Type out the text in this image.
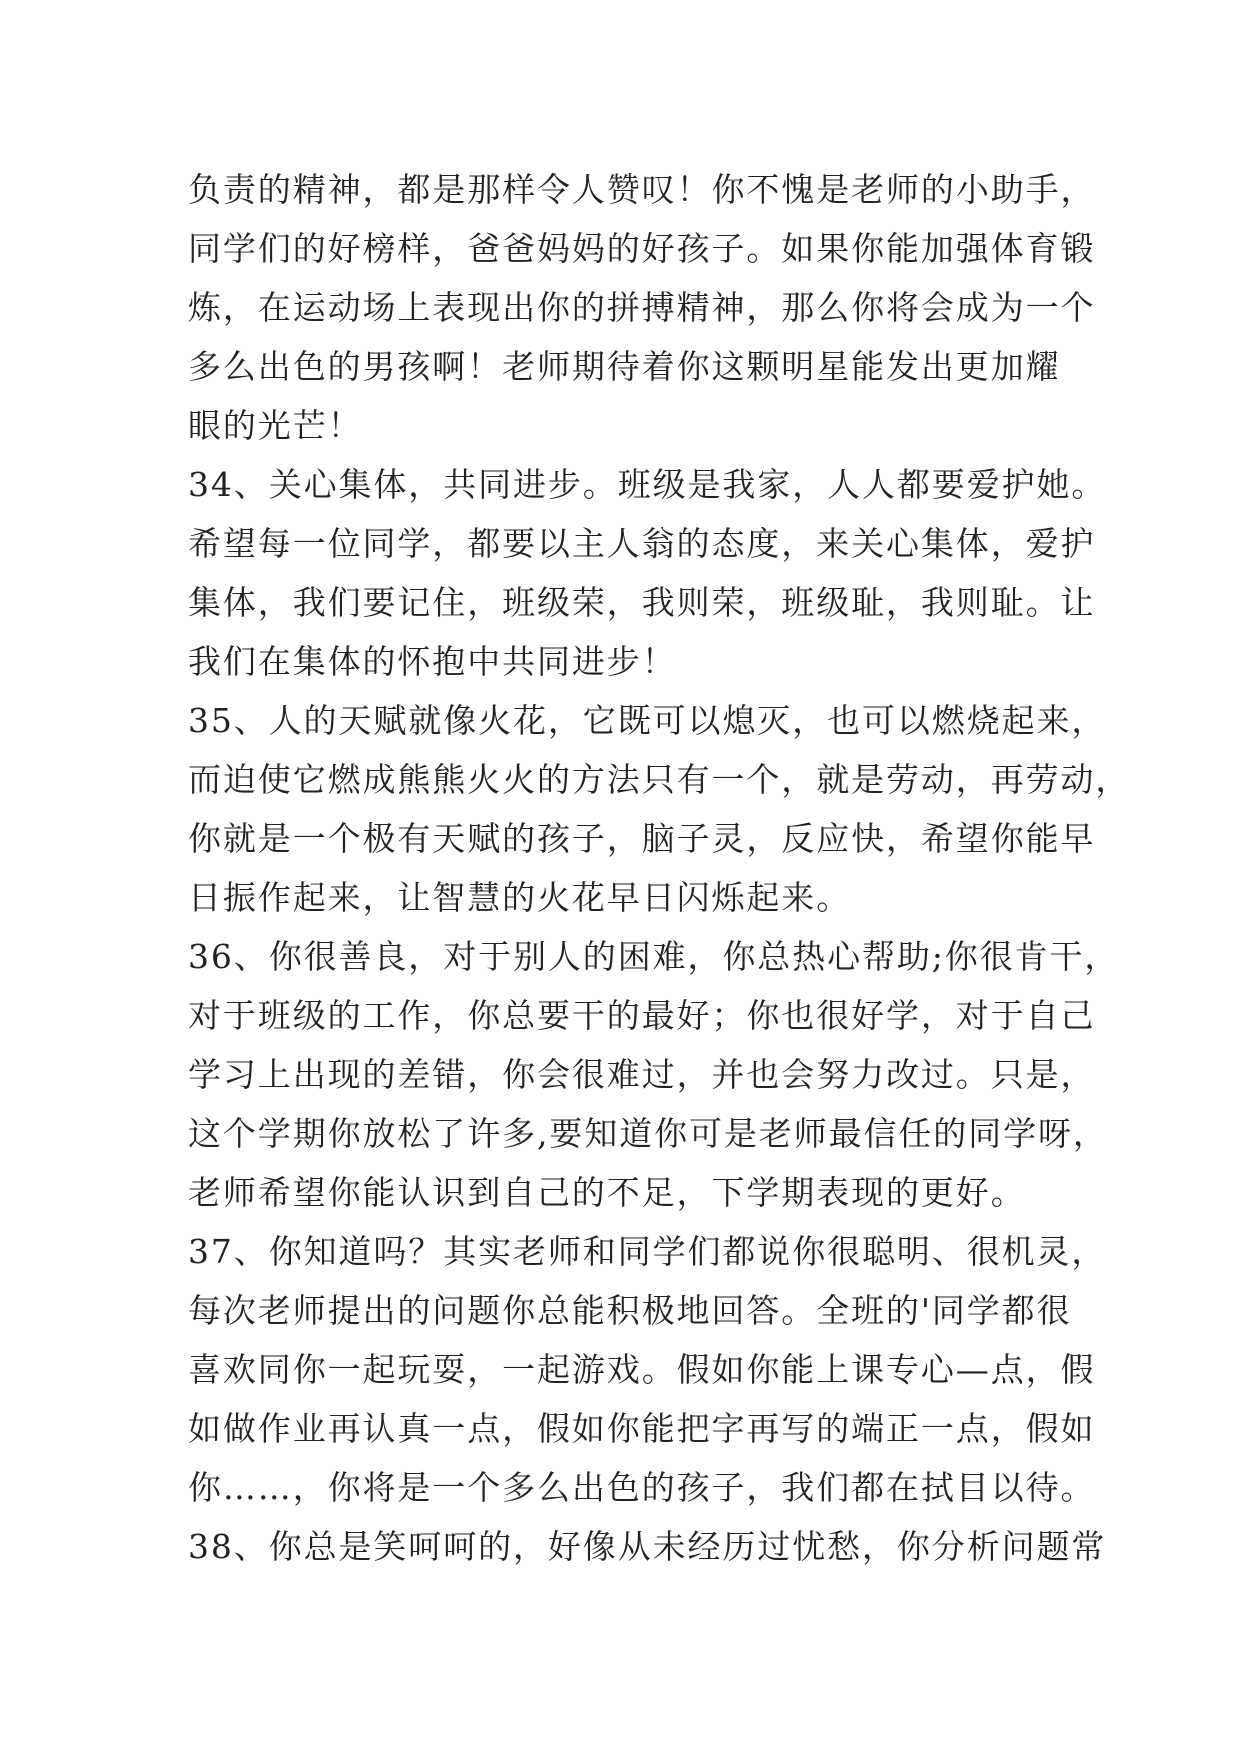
负责的精神，都是那样令人赞叹！你不愧是老师的小助手，
同学们的好榜样，爸爸妈妈的好孩子。如果你能加强体育锻
炼，在运动场上表现出你的拼搏精神，那么你将会成为一个
多么出色的男孩啊！老师期待着你这颗明星能发出更加耀
眼的光芒！
34、关心集体，共同进步。班级是我家，人人都要爱护她。
希望每一位同学，都要以主人翁的态度，来关心集体，爱护
集体，我们要记住，班级荣，我则荣，班级耻，我则耻。让
我们在集体的怀抱中共同进步！
35、人的天赋就像火花，它既可以熄灭，也可以燃烧起来，
而迫使它燃成熊熊火火的方法只有一个，就是劳动，再劳动，
你就是一个极有天赋的孩子，脑子灵，反应快，希望你能早
日振作起来，让智慧的火花早日闪烁起来。
36、你很善良，对于别人的困难，你总热心帮助;你很肯干，
对于班级的工作，你总要干的最好；你也很好学，对于自己
学习上出现的差错，你会很难过，并也会努力改过。只是，
这个学期你放松了许多,要知道你可是老师最信任的同学呀，
老师希望你能认识到自己的不足，下学期表现的更好。
37、你知道吗？其实老师和同学们都说你很聪明、很机灵，
每次老师提出的问题你总能积极地回答。全班的'同学都很
喜欢同你一起玩耍，一起游戏。假如你能上课专心—点，假
如做作业再认真一点，假如你能把字再写的端正一点，假如
你……，你将是一个多么出色的孩子，我们都在拭目以待。
38、你总是笑呵呵的，好像从未经历过忧愁，你分析问题常
